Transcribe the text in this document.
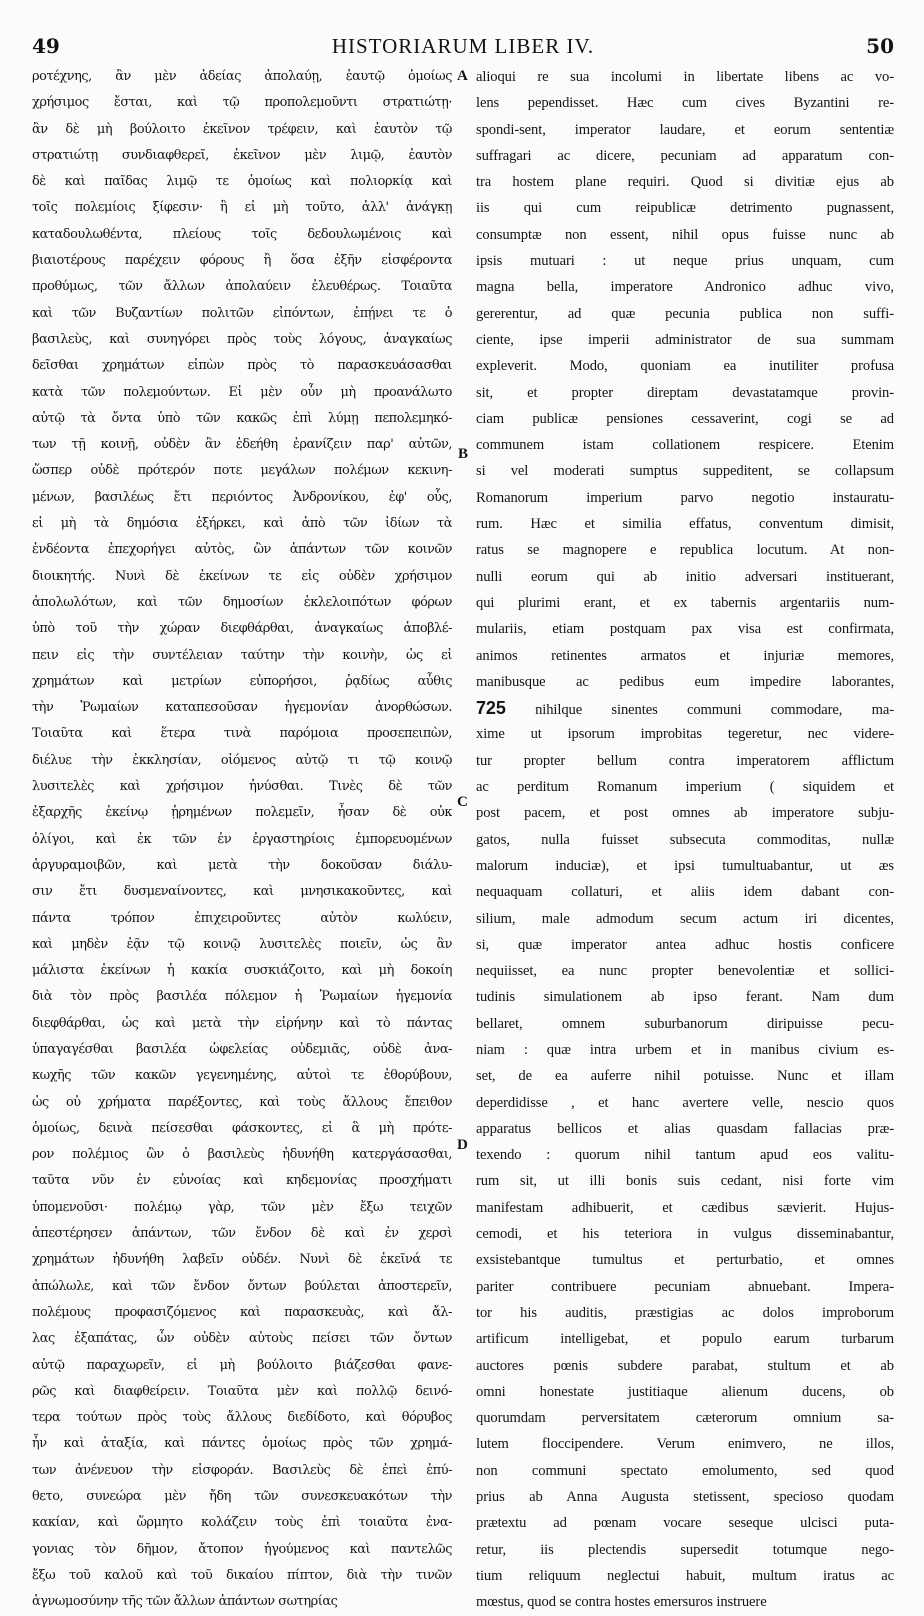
49	HISTORIARUM LIBER IV.	50
ροτέχνης, ἂν μὲν ἀδείας ἀπολαύῃ, ἑαυτῷ ὁμοίως
χρήσιμος ἔσται, καὶ τῷ προπολεμοῦντι στρατιώτῃ·
ἂν δὲ μὴ βούλοιτο ἐκεῖνον τρέφειν, καὶ ἑαυτὸν τῷ
στρατιώτῃ συνδιαφθερεῖ, ἐκεῖνον μὲν λιμῷ, ἑαυτὸν
δὲ καὶ παῖδας λιμῷ τε ὁμοίως καὶ πολιορκίᾳ καὶ
τοῖς πολεμίοις ξίφεσιν· ἢ εἰ μὴ τοῦτο, ἀλλ' ἀνάγκῃ
καταδουλωθέντα, πλείους τοῖς δεδουλωμένοις καὶ
βιαιοτέρους παρέχειν φόρους ἢ ὅσα ἐξῆν εἰσφέροντα
προθύμως, τῶν ἄλλων ἀπολαύειν ἐλευθέρως. Τοιαῦτα
καὶ τῶν Βυζαντίων πολιτῶν εἰπόντων, ἐπῄνει τε ὁ
βασιλεὺς, καὶ συνηγόρει πρὸς τοὺς λόγους, ἀναγκαίως
δεῖσθαι χρημάτων εἰπὼν πρὸς τὸ παρασκευάσασθαι
κατὰ τῶν πολεμούντων. Εἰ μὲν οὖν μὴ προανάλωτο
αὐτῷ τὰ ὄντα ὑπὸ τῶν κακῶς ἐπὶ λύμῃ πεπολεμηκό-
των τῇ κοινῇ, οὐδὲν ἂν ἐδεήθη ἐρανίζειν παρ' αὐτῶν,
ὥσπερ οὐδὲ πρότερόν ποτε μεγάλων πολέμων κεκινη-
μένων, βασιλέως ἔτι περιόντος Ἀνδρονίκου, ἐφ' οὗς,
εἰ μὴ τὰ δημόσια ἐξήρκει, καὶ ἀπὸ τῶν ἰδίων τὰ
ἐνδέοντα ἐπεχορήγει αὐτὸς, ὢν ἁπάντων τῶν κοινῶν
διοικητής. Νυνὶ δὲ ἐκείνων τε εἰς οὐδὲν χρήσιμον
ἀπολωλότων, καὶ τῶν δημοσίων ἐκλελοιπότων φόρων
ὑπὸ τοῦ τὴν χώραν διεφθάρθαι, ἀναγκαίως ἀποβλέ-
πειν εἰς τὴν συντέλειαν ταύτην τὴν κοινὴν, ὡς εἰ
χρημάτων καὶ μετρίων εὐπορήσοι, ῥᾳδίως αὖθις
τὴν Ῥωμαίων καταπεσοῦσαν ἡγεμονίαν ἀνορθώσων.
Τοιαῦτα καὶ ἕτερα τινὰ παρόμοια προσεπειπὼν,
διέλυε τὴν ἐκκλησίαν, οἰόμενος αὐτῷ τι τῷ κοινῷ
λυσιτελὲς καὶ χρήσιμον ἠνύσθαι. Τινὲς δὲ τῶν
ἐξαρχῆς ἐκείνῳ ᾑρημένων πολεμεῖν, ἦσαν δὲ οὐκ
ὀλίγοι, καὶ ἐκ τῶν ἐν ἐργαστηρίοις ἐμπορευομένων
ἀργυραμοιβῶν, καὶ μετὰ τὴν δοκοῦσαν διάλυ-
σιν ἔτι δυσμεναίνοντες, καὶ μνησικακοῦντες, καὶ
πάντα τρόπον ἐπιχειροῦντες αὐτὸν κωλύειν,
καὶ μηδὲν ἐᾷν τῷ κοινῷ λυσιτελὲς ποιεῖν, ὡς ἂν
μάλιστα ἐκείνων ἡ κακία συσκιάζοιτο, καὶ μὴ δοκοίη
διὰ τὸν πρὸς βασιλέα πόλεμον ἡ Ῥωμαίων ἡγεμονία
διεφθάρθαι, ὡς καὶ μετὰ τὴν εἰρήνην καὶ τὸ πάντας
ὑπαγαγέσθαι βασιλέα ὠφελείας οὐδεμιᾶς, οὐδὲ ἀνα-
κωχῆς τῶν κακῶν γεγενημένης, αὐτοὶ τε ἐθορύβουν,
ὡς οὐ χρήματα παρέξοντες, καὶ τοὺς ἄλλους ἔπειθον
ὁμοίως, δεινὰ πείσεσθαι φάσκοντες, εἰ ἃ μὴ πρότε-
ρον πολέμιος ὢν ὁ βασιλεὺς ἠδυνήθη κατεργάσασθαι,
ταῦτα νῦν ἐν εὐνοίας καὶ κηδεμονίας προσχήματι
ὑπομενοῦσι· πολέμῳ γὰρ, τῶν μὲν ἔξω τειχῶν
ἀπεστέρησεν ἁπάντων, τῶν ἔνδον δὲ καὶ ἐν χερσὶ
χρημάτων ἠδυνήθη λαβεῖν οὐδέν. Νυνὶ δὲ ἐκεῖνά τε
ἀπώλωλε, καὶ τῶν ἔνδον ὄντων βούλεται ἀποστερεῖν,
πολέμους προφασιζόμενος καὶ παρασκευὰς, καὶ ἄλ-
λας ἐξαπάτας, ὧν οὐδὲν αὐτοὺς πείσει τῶν ὄντων
αὐτῷ παραχωρεῖν, εἰ μὴ βούλοιτο βιάζεσθαι φανε-
ρῶς καὶ διαφθείρειν. Τοιαῦτα μὲν καὶ πολλῷ δεινό-
τερα τούτων πρὸς τοὺς ἄλλους διεδίδοτο, καὶ θόρυβος
ἦν καὶ ἀταξία, καὶ πάντες ὁμοίως πρὸς τῶν χρημά-
των ἀνένευον τὴν εἰσφοράν. Βασιλεὺς δὲ ἐπεὶ ἐπύ-
θετο, συνεώρα μὲν ἤδη τῶν συνεσκευακότων τὴν
κακίαν, καὶ ὥρμητο κολάζειν τοὺς ἐπὶ τοιαῦτα ἐνα-
γονιας τὸν δῆμον, ἄτοπον ἡγούμενος καὶ παντελῶς
ἔξω τοῦ καλοῦ καὶ τοῦ δικαίου πίπτον, διὰ τὴν τινῶν
ἀγνωμοσύνην τῆς τῶν ἄλλων ἁπάντων σωτηρίας
alioqui re sua incolumi in libertate libens ac vo-
lens pependisset. Hæc cum cives Byzantini re-
spondi-sent, imperator laudare, et eorum sententiæ
suffragari ac dicere, pecuniam ad apparatum con-
tra hostem plane requiri. Quod si divitiæ ejus ab
iis qui cum reipublicæ detrimento pugnassent,
consumptæ non essent, nihil opus fuisse nunc ab
ipsis mutuari : ut neque prius unquam, cum
magna bella, imperatore Andronico adhuc vivo,
gererentur, ad quæ pecunia publica non suffi-
ciente, ipse imperii administrator de sua summam
expleverit. Modo, quoniam ea inutiliter profusa
sit, et propter direptam devastatamque provin-
ciam publicæ pensiones cessaverint, cogi se ad
communem istam collationem respicere. Etenim
si vel moderati sumptus suppeditent, se collapsum
Romanorum imperium parvo negotio instauratu-
rum. Hæc et similia effatus, conventum dimisit,
ratus se magnopere e republica locutum. At non-
nulli eorum qui ab initio adversari instituerant,
qui plurimi erant, et ex tabernis argentariis num-
mulariis, etiam postquam pax visa est confirmata,
animos retinentes armatos et injuriæ memores,
manibusque ac pedibus eum impedire laborantes,
725 nihilque sinentes communi commodare, ma-
xime ut ipsorum improbitas tegeretur, nec videre-
tur propter bellum contra imperatorem afflictum
ac perditum Romanum imperium ( siquidem et
post pacem, et post omnes ab imperatore subju-
gatos, nulla fuisset subsecuta commoditas, nullæ
malorum induciæ), et ipsi tumultuabantur, ut æs
nequaquam collaturi, et aliis idem dabant con-
silium, male admodum secum actum iri dicentes,
si, quæ imperator antea adhuc hostis conficere
nequiisset, ea nunc propter benevolentiæ et sollici-
tudinis simulationem ab ipso ferant. Nam dum
bellaret, omnem suburbanorum diripuisse pecu-
niam : quæ intra urbem et in manibus civium es-
set, de ea auferre nihil potuisse. Nunc et illam
deperdidisse , et hanc avertere velle, nescio quos
apparatus bellicos et alias quasdam fallacias præ-
texendo : quorum nihil tantum apud eos valitu-
rum sit, ut illi bonis suis cedant, nisi forte vim
manifestam adhibuerit, et cædibus sævierit. Hujus-
cemodi, et his teteriora in vulgus disseminabantur,
exsistebantque tumultus et perturbatio, et omnes
pariter contribuere pecuniam abnuebant. Impera-
tor his auditis, præstigias ac dolos improborum
artificum intelligebat, et populo earum turbarum
auctores pœnis subdere parabat, stultum et ab
omni honestate justitiaque alienum ducens, ob
quorumdam perversitatem cæterorum omnium sa-
lutem floccipendere. Verum enimvero, ne illos,
non communi spectato emolumento, sed quod
prius ab Anna Augusta stetissent, specioso quodam
prætextu ad pœnam vocare seseque ulcisci puta-
retur, iis plectendis supersedit totumque nego-
tium reliquum neglectui habuit, multum iratus ac
mœstus, quod se contra hostes emersuros instruere
A
B
C
D
